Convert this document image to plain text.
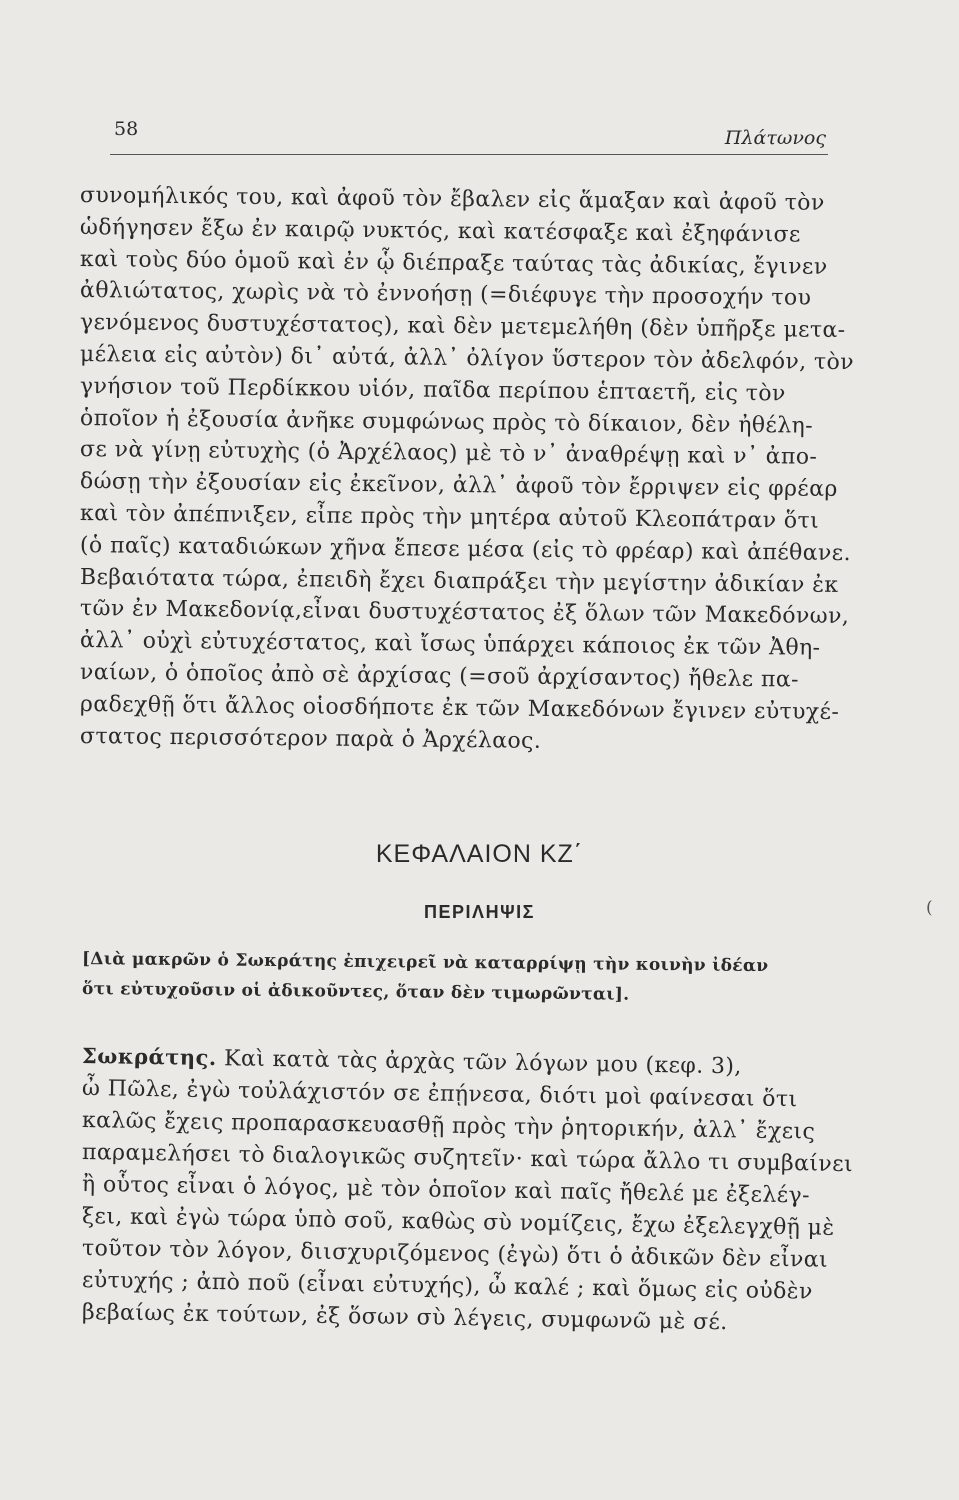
58	Πλάτωνος
συνομήλικός του, καὶ ἀφοῦ τὸν ἔβαλεν εἰς ἅμαξαν καὶ ἀφοῦ τὸν
ὡδήγησεν ἔξω ἐν καιρῷ νυκτός, καὶ κατέσφαξε καὶ ἐξηφάνισε
καὶ τοὺς δύο ὁμοῦ καὶ ἐν ᾧ διέπραξε ταύτας τὰς ἀδικίας, ἔγινεν
ἀθλιώτατος, χωρὶς νὰ τὸ ἐννοήσῃ (=διέφυγε τὴν προσοχήν του
γενόμενος δυστυχέστατος), καὶ δὲν μετεμελήθη (δὲν ὑπῆρξε μετα-
μέλεια εἰς αὐτὸν) δι᾽ αὐτά, ἀλλ᾽ ὀλίγον ὕστερον τὸν ἀδελφόν, τὸν
γνήσιον τοῦ Περδίκκου υἱόν, παῖδα περίπου ἑπταετῆ, εἰς τὸν
ὁποῖον ἡ ἐξουσία ἀνῆκε συμφώνως πρὸς τὸ δίκαιον, δὲν ἠθέλη-
σε νὰ γίνῃ εὐτυχὴς (ὁ Ἀρχέλαος) μὲ τὸ ν᾽ ἀναθρέψῃ καὶ ν᾽ ἀπο-
δώσῃ τὴν ἐξουσίαν εἰς ἐκεῖνον, ἀλλ᾽ ἀφοῦ τὸν ἔρριψεν εἰς φρέαρ
καὶ τὸν ἀπέπνιξεν, εἶπε πρὸς τὴν μητέρα αὐτοῦ Κλεοπάτραν ὅτι
(ὁ παῖς) καταδιώκων χῆνα ἔπεσε μέσα (εἰς τὸ φρέαρ) καὶ ἀπέθανε.
Βεβαιότατα τώρα, ἐπειδὴ ἔχει διαπράξει τὴν μεγίστην ἀδικίαν ἐκ
τῶν ἐν Μακεδονίᾳ,εἶναι δυστυχέστατος ἐξ ὅλων τῶν Μακεδόνων,
ἀλλ᾽ οὐχὶ εὐτυχέστατος, καὶ ἴσως ὑπάρχει κάποιος ἐκ τῶν Ἀθη-
ναίων, ὁ ὁποῖος ἀπὸ σὲ ἀρχίσας (=σοῦ ἀρχίσαντος) ἤθελε πα-
ραδεχθῇ ὅτι ἄλλος οἱοσδήποτε ἐκ τῶν Μακεδόνων ἔγινεν εὐτυχέ-
στατος περισσότερον παρὰ ὁ Ἀρχέλαος.
ΚΕΦΑΛΑΙΟΝ ΚΖ΄
ΠΕΡΙΛΗΨΙΣ	(
[Διὰ μακρῶν ὁ Σωκράτης ἐπιχειρεῖ νὰ καταρρίψῃ τὴν κοινὴν ἰδέαν
ὅτι εὐτυχοῦσιν οἱ ἀδικοῦντες, ὅταν δὲν τιμωρῶνται].
Σωκράτης. Καὶ κατὰ τὰς ἀρχὰς τῶν λόγων μου (κεφ. 3),
ὦ Πῶλε, ἐγὼ τοὐλάχιστόν σε ἐπῄνεσα, διότι μοὶ φαίνεσαι ὅτι
καλῶς ἔχεις προπαρασκευασθῇ πρὸς τὴν ῥητορικήν, ἀλλ᾽ ἔχεις
παραμελήσει τὸ διαλογικῶς συζητεῖν· καὶ τώρα ἄλλο τι συμβαίνει
ἢ οὗτος εἶναι ὁ λόγος, μὲ τὸν ὁποῖον καὶ παῖς ἤθελέ με ἐξελέγ-
ξει, καὶ ἐγὼ τώρα ὑπὸ σοῦ, καθὼς σὺ νομίζεις, ἔχω ἐξελεγχθῇ μὲ
τοῦτον τὸν λόγον, διισχυριζόμενος (ἐγὼ) ὅτι ὁ ἀδικῶν δὲν εἶναι
εὐτυχής ; ἀπὸ ποῦ (εἶναι εὐτυχής), ὦ καλέ ; καὶ ὅμως εἰς οὐδὲν
βεβαίως ἐκ τούτων, ἐξ ὅσων σὺ λέγεις, συμφωνῶ μὲ σέ.
